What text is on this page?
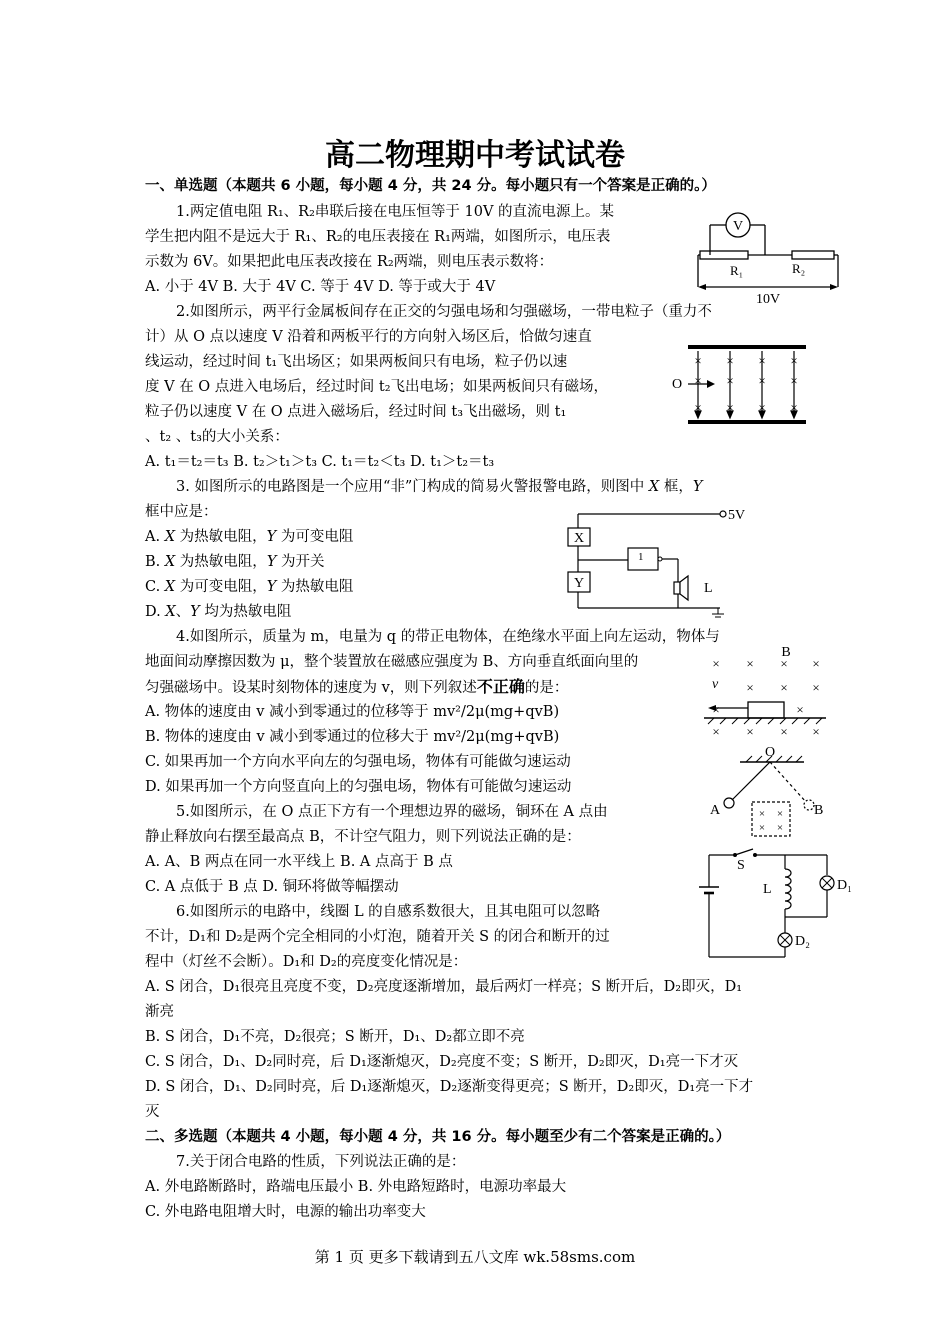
高二物理期中考试试卷
一、单选题（本题共 6 小题，每小题 4 分，共 24 分。每小题只有一个答案是正确的。）
1.两定值电阻 R₁、R₂串联后接在电压恒等于 10V 的直流电源上。某
学生把内阻不是远大于 R₁、R₂的电压表接在 R₁两端，如图所示，电压表
示数为 6V。如果把此电压表改接在 R₂两端，则电压表示数将：
A. 小于 4V B. 大于 4V C. 等于 4V D. 等于或大于 4V
V
R₁	R₂
10V
2.如图所示，两平行金属板间存在正交的匀强电场和匀强磁场，一带电粒子（重力不
计）从 O 点以速度 V 沿着和两板平行的方向射入场区后，恰做匀速直
线运动，经过时间 t₁飞出场区；如果两板间只有电场，粒子仍以速
度 V 在 O 点进入电场后，经过时间 t₂飞出电场；如果两板间只有磁场，
粒子仍以速度 V 在 O 点进入磁场后，经过时间 t₃飞出磁场，则 t₁
、t₂ 、t₃的大小关系：
A. t₁＝t₂＝t₃ B. t₂＞t₁＞t₃ C. t₁＝t₂＜t₃ D. t₁＞t₂＝t₃
× × × ×
× × × ×
× × × ×
O
3. 如图所示的电路图是一个应用“非”门构成的简易火警报警电路，则图中 X 框，Y
框中应是：
A. X 为热敏电阻，Y 为可变电阻
B. X 为热敏电阻，Y 为开关
C. X 为可变电阻，Y 为热敏电阻
D. X、Y 均为热敏电阻
5V
X
1
L
Y
4.如图所示，质量为 m，电量为 q 的带正电物体，在绝缘水平面上向左运动，物体与
地面间动摩擦因数为 μ，整个装置放在磁感应强度为 B、方向垂直纸面向里的
匀强磁场中。设某时刻物体的速度为 v，则下列叙述不正确的是：
A. 物体的速度由 v 减小到零通过的位移等于 mv²/2μ(mg+qvB)
B. 物体的速度由 v 减小到零通过的位移大于 mv²/2μ(mg+qvB)
C. 如果再加一个方向水平向左的匀强电场，物体有可能做匀速运动
D. 如果再加一个方向竖直向上的匀强电场，物体有可能做匀速运动
B
× × × ×
× × ×
× × × ×
v
×	×
5.如图所示，在 O 点正下方有一个理想边界的磁场，铜环在 A 点由
静止释放向右摆至最高点 B，不计空气阻力，则下列说法正确的是：
A. A、B 两点在同一水平线上 B. A 点高于 B 点
C. A 点低于 B 点 D. 铜环将做等幅摆动
O
A	B
× ×
× ×
6.如图所示的电路中，线圈 L 的自感系数很大，且其电阻可以忽略
不计，D₁和 D₂是两个完全相同的小灯泡，随着开关 S 的闭合和断开的过
程中（灯丝不会断）。D₁和 D₂的亮度变化情况是：
A. S 闭合，D₁很亮且亮度不变，D₂亮度逐渐增加，最后两灯一样亮；S 断开后，D₂即灭，D₁
渐亮
B. S 闭合，D₁不亮，D₂很亮；S 断开，D₁、D₂都立即不亮
C. S 闭合，D₁、D₂同时亮，后 D₁逐渐熄灭，D₂亮度不变；S 断开，D₂即灭，D₁亮一下才灭
D. S 闭合，D₁、D₂同时亮，后 D₁逐渐熄灭，D₂逐渐变得更亮；S 断开，D₂即灭，D₁亮一下才
灭
S
L	D₁
D₂
二、多选题（本题共 4 小题，每小题 4 分，共 16 分。每小题至少有二个答案是正确的。）
7.关于闭合电路的性质，下列说法正确的是：
A. 外电路断路时，路端电压最小 B. 外电路短路时，电源功率最大
C. 外电路电阻增大时，电源的输出功率变大
第 1 页 更多下载请到五八文库 wk.58sms.com
